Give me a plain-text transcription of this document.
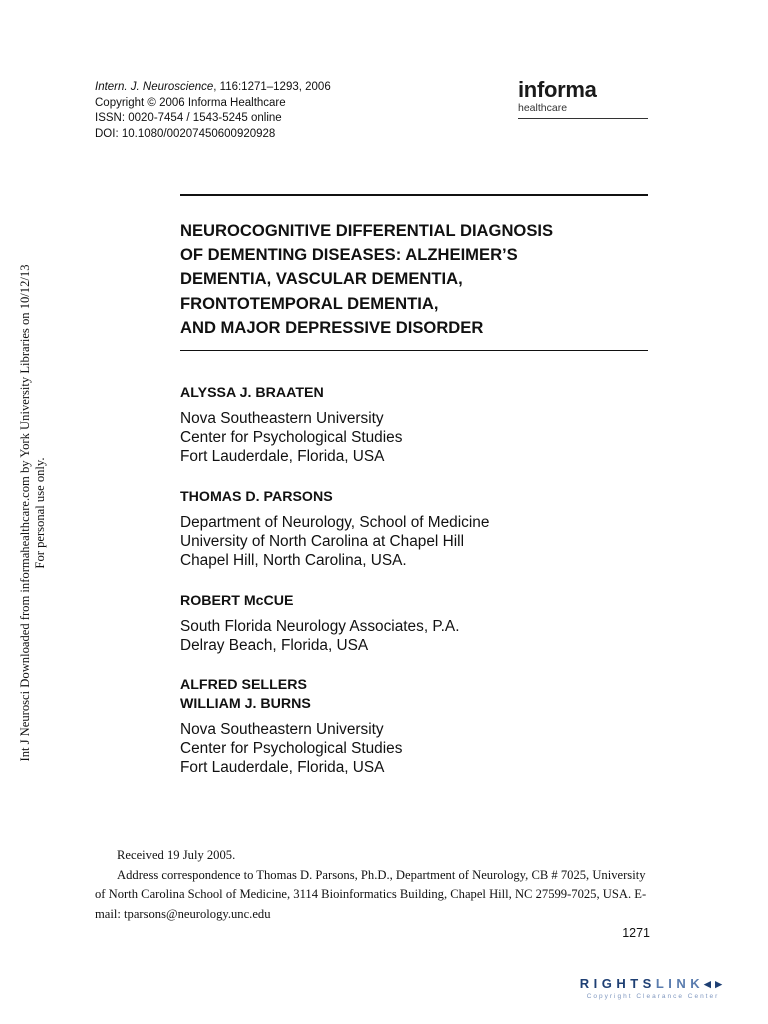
Intern. J. Neuroscience, 116:1271–1293, 2006
Copyright © 2006 Informa Healthcare
ISSN: 0020-7454 / 1543-5245 online
DOI: 10.1080/00207450600920928
informa
healthcare
NEUROCOGNITIVE DIFFERENTIAL DIAGNOSIS
OF DEMENTING DISEASES: ALZHEIMER’S
DEMENTIA, VASCULAR DEMENTIA,
FRONTOTEMPORAL DEMENTIA,
AND MAJOR DEPRESSIVE DISORDER
ALYSSA J. BRAATEN
Nova Southeastern University
Center for Psychological Studies
Fort Lauderdale, Florida, USA
THOMAS D. PARSONS
Department of Neurology, School of Medicine
University of North Carolina at Chapel Hill
Chapel Hill, North Carolina, USA.
ROBERT McCUE
South Florida Neurology Associates, P.A.
Delray Beach, Florida, USA
ALFRED SELLERS
WILLIAM J. BURNS
Nova Southeastern University
Center for Psychological Studies
Fort Lauderdale, Florida, USA
Int J Neurosci Downloaded from informahealthcare.com by York University Libraries on 10/12/13 For personal use only.

Received 19 July 2005.

Address correspondence to Thomas D. Parsons, Ph.D., Department of Neurology, CB # 7025, University of North Carolina School of Medicine, 3114 Bioinformatics Building, Chapel Hill, NC 27599-7025, USA. E-mail: tparsons@neurology.unc.edu

1271
RIGHTSLINK◂▸
Copyright Clearance Center
